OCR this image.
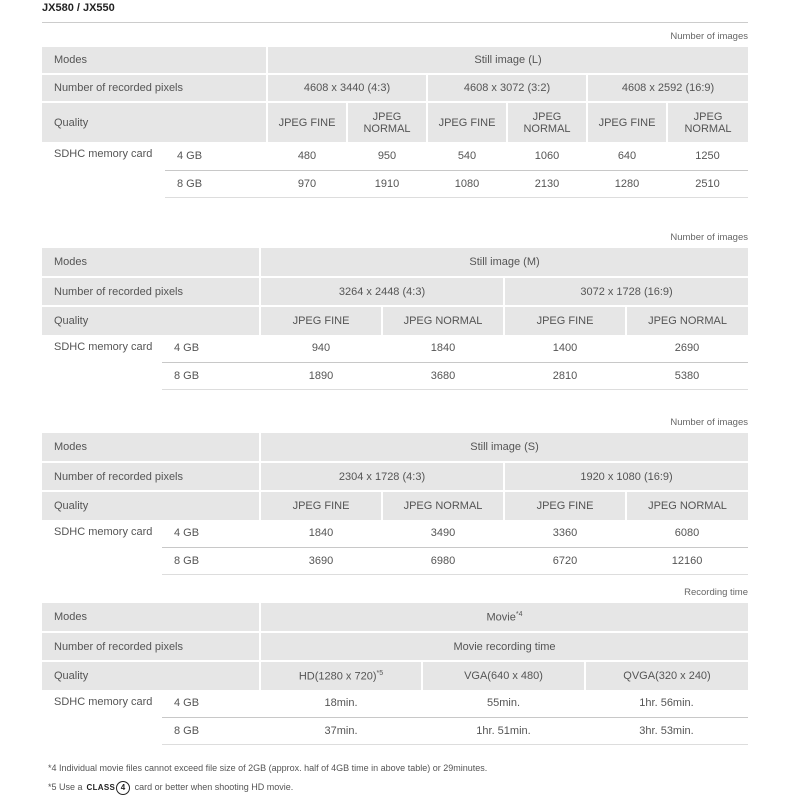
JX580 / JX550
Number of images
Modes		Still image (L)					
Number of recorded pixels		4608 x 3440 (4:3)		4608 x 3072 (3:2)		4608 x 2592 (16:9)	
Quality		JPEG FINE	JPEG NORMAL	JPEG FINE	JPEG NORMAL	JPEG FINE	JPEG NORMAL
SDHC memory card	4 GB	480	950	540	1060	640	1250
	8 GB	970	1910	1080	2130	1280	2510
Number of images
Modes		Still image (M)			
Number of recorded pixels		3264 x 2448 (4:3)		3072 x 1728 (16:9)	
Quality		JPEG FINE	JPEG NORMAL	JPEG FINE	JPEG NORMAL
SDHC memory card	4 GB	940	1840	1400	2690
	8 GB	1890	3680	2810	5380
Number of images
Modes		Still image (S)			
Number of recorded pixels		2304 x 1728 (4:3)		1920 x 1080 (16:9)	
Quality		JPEG FINE	JPEG NORMAL	JPEG FINE	JPEG NORMAL
SDHC memory card	4 GB	1840	3490	3360	6080
	8 GB	3690	6980	6720	12160
Recording time
Modes		Movie$^{*4}$
Number of recorded pixels		Movie recording time		
Quality		HD(1280 x 720)$^{*5}$	VGA(640 x 480)	QVGA(320 x 240)
SDHC memory card	4 GB	18min.	55min.	1hr. 56min.
	8 GB	37min.	1hr. 51min.	3hr. 53min.
*4 Individual movie files cannot exceed file size of 2GB (approx. half of 4GB time in above table) or 29minutes.
*5 Use a CLASS 4 card or better when shooting HD movie.
